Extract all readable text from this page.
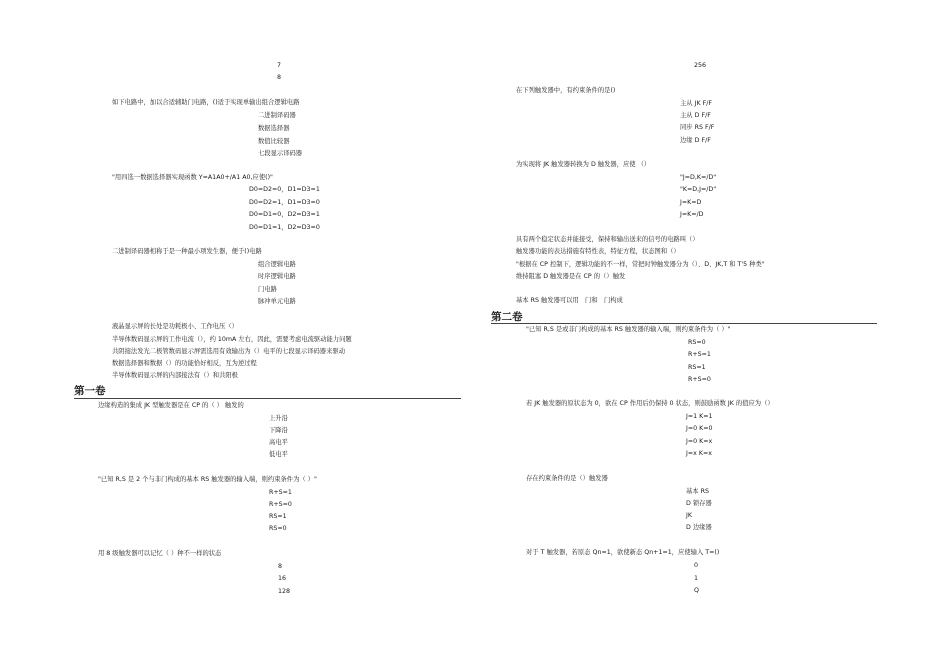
7
8
如下电路中，加以合适辅助门电路，()适于实现单输出组合逻辑电路
二进制译码器
数据选择器
数值比较器
七段显示译码器
"用四选一数据选择器实现函数 Y=A1A0+/A1 A0,应使()"
D0=D2=0，D1=D3=1
D0=D2=1，D1=D3=0
D0=D1=0，D2=D3=1
D0=D1=1，D2=D3=0
二进制译码器相称于是一种最小项发生器，便于()电路
组合逻辑电路
时序逻辑电路
门电路
脉冲单元电路
液晶显示屏的长处是功耗极小、工作电压（）
半导体数码显示屏的工作电流（），约 10mA 左右，因此，需要考虑电流驱动能力问题
共阴接法发光二极管数码显示屏需选用有效输出为（）电平的七段显示译码器来驱动
数据选择器和数据（）的功能恰好相反，互为逆过程
半导体数码显示屏的内部接法有（）和共阳极
第一卷
边缘构造的集成 JK 型触发器是在 CP 的（ ） 触发的
上升沿
下降沿
高电平
低电平
"已知 R,S 是 2 个与非门构成的基本 RS 触发器的输入端，则约束条件为（ ）"
R+S=1
R+S=0
RS=1
RS=0
用 8 级触发器可以记忆（ ）种不一样的状态
8
16
128
256
在下列触发器中，有约束条件的是()
主从 JK F/F
主从 D F/F
同步 RS F/F
边缘 D F/F
为实现将 JK 触发器转换为 D 触发器，应使 （）
"J=D,K=/D"
"K=D,J=/D"
J=K=D
J=K=/D
具有两个稳定状态并能接受，保持和输出送来的信号的电路叫（）
触发器功能的表达措施有特性表，特征方程，状态图和（）
"根据在 CP 控制下，逻辑功能的不一样，常把时钟触发器分为（）、D、JK,T 和 T'5 种类"
维持阻塞 D 触发器是在 CP 的（）触发
基本 RS 触发器可以用　门和　门构成
第二卷
"已知 R,S 是或非门构成的基本 RS 触发器的输入端，则约束条件为（ ）"
RS=0
R+S=1
RS=1
R+S=0
若 JK 触发器的原状态为 0，欲在 CP 作用后仍保持 0 状态，则鼓励函数 JK 的值应为（）
J=1 K=1
J=0 K=0
J=0 K=x
J=x K=x
存在约束条件的是（）触发器
基本 RS
D 锁存器
JK
D 边缘器
对于 T 触发器，若原态 Qn=1，欲使新态 Qn+1=1，应使输入 T=()
0
1
Q
